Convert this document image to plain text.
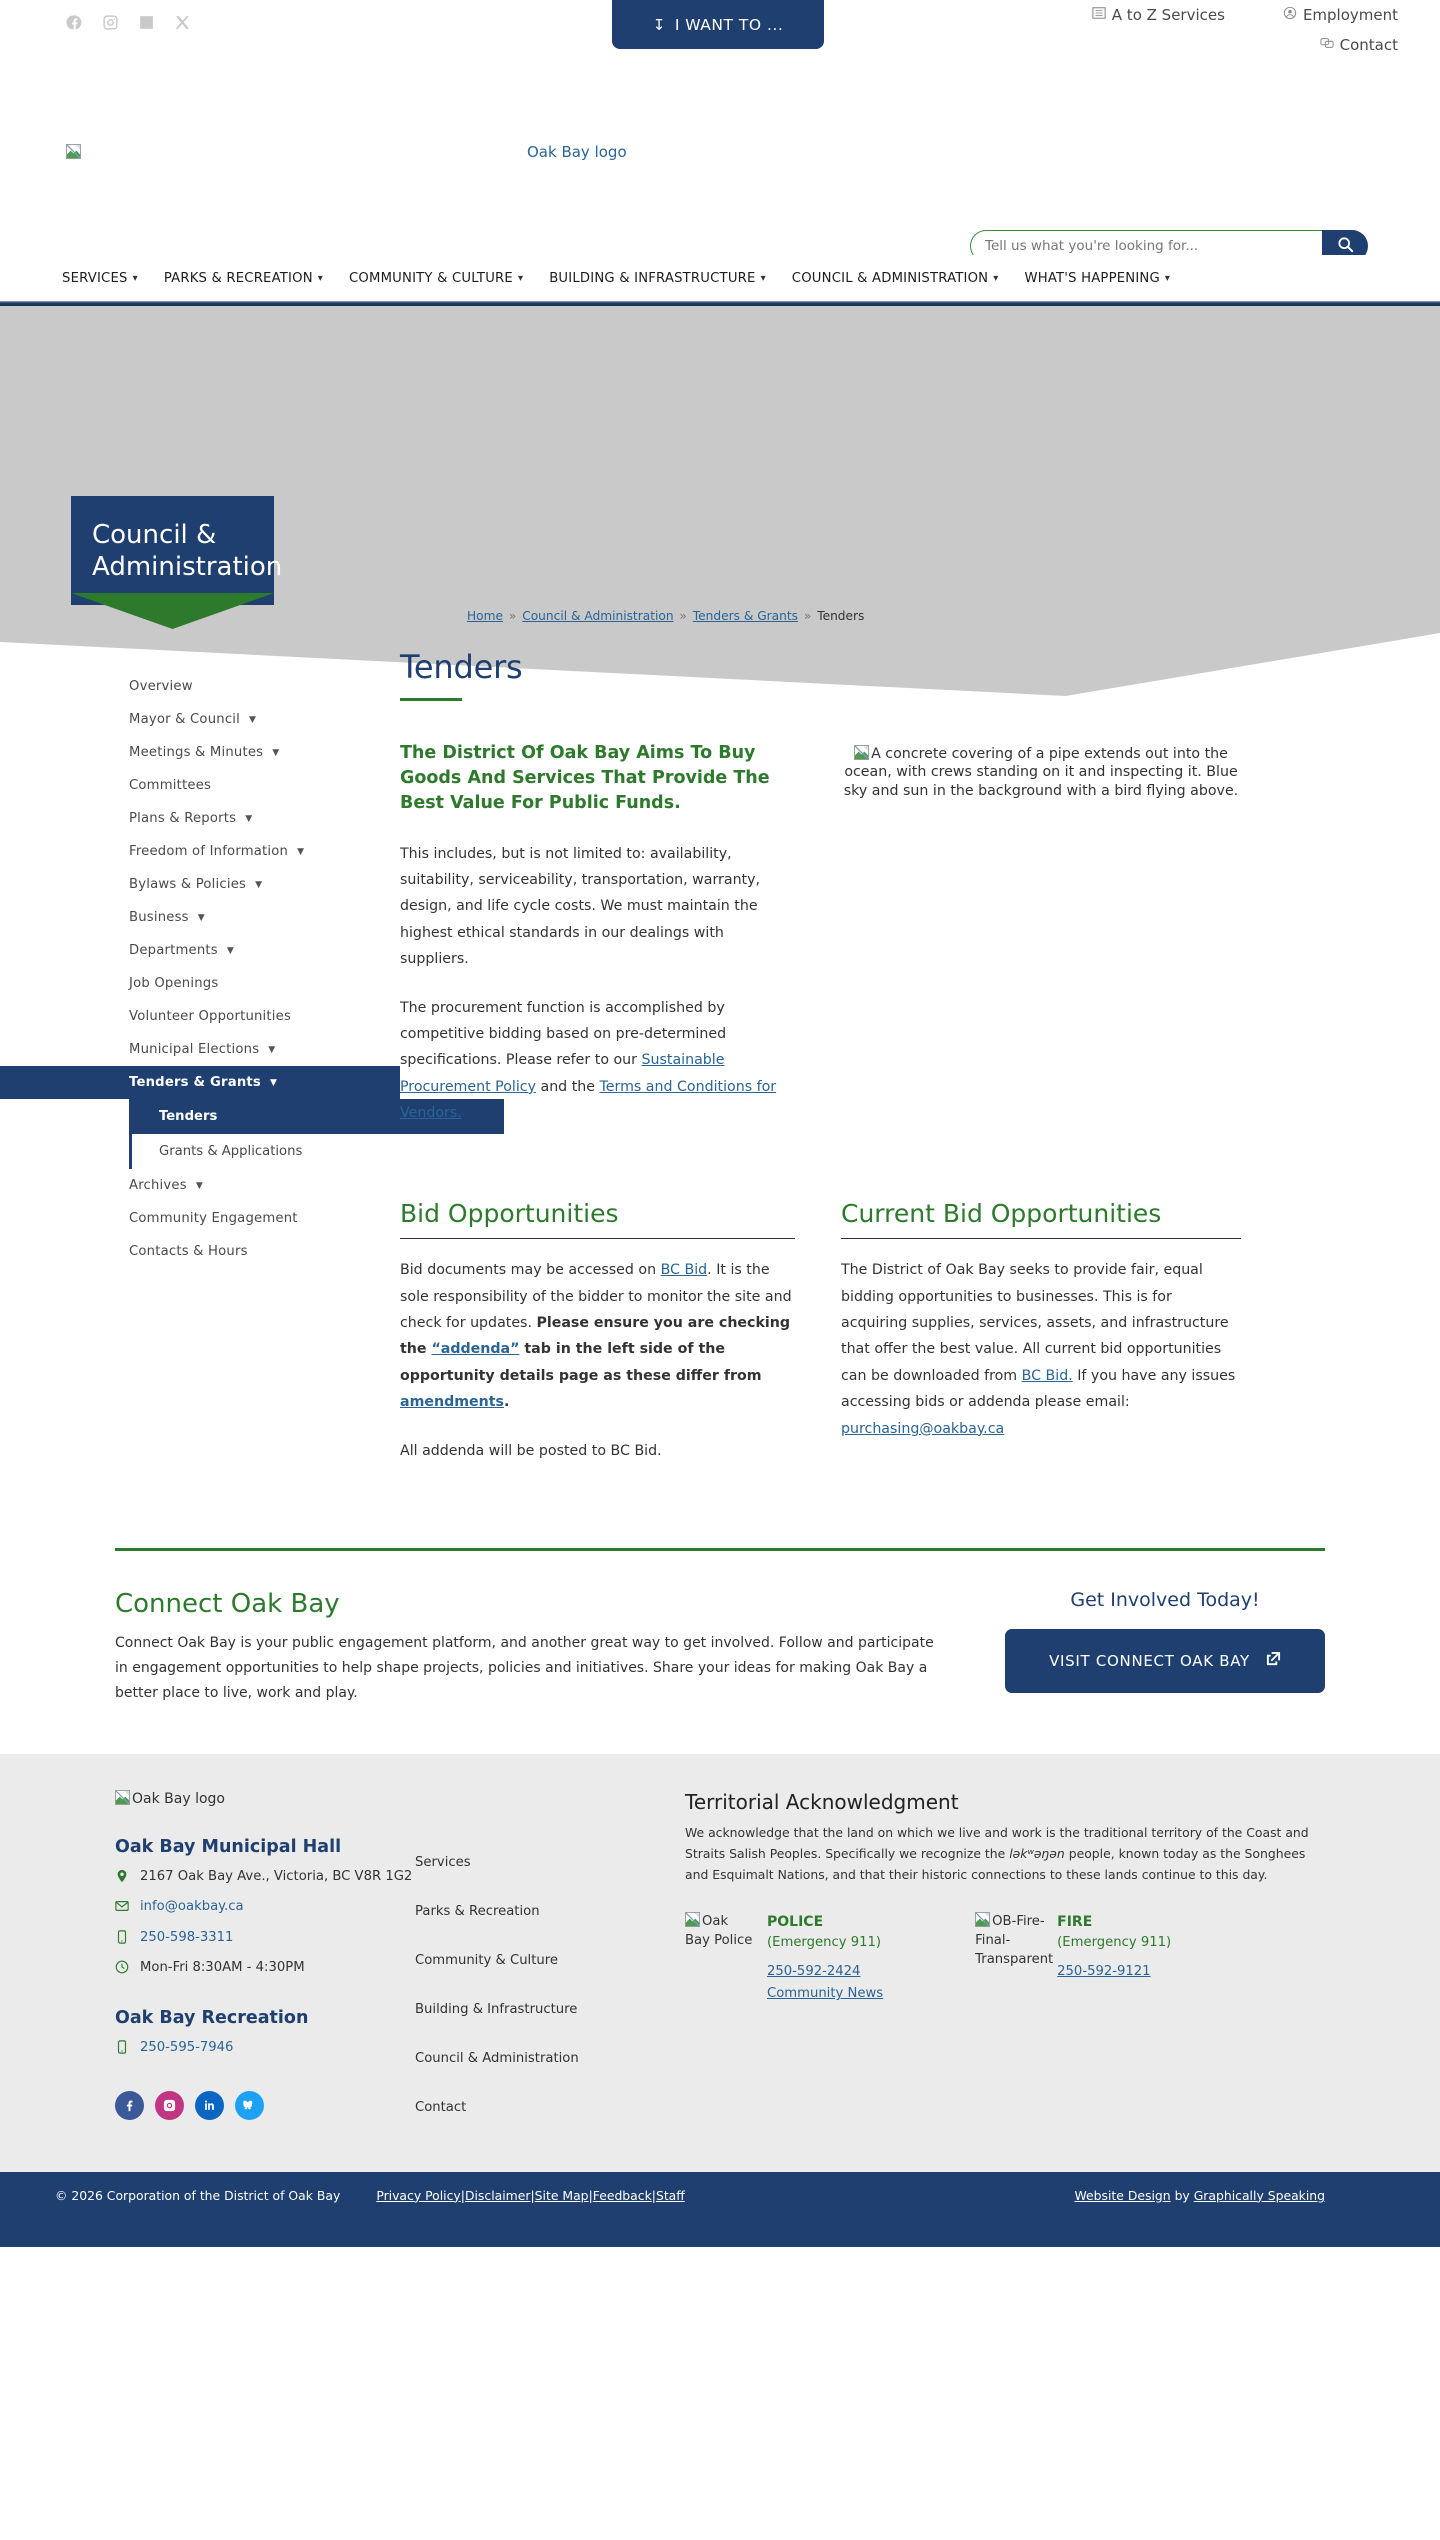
↧ I WANT TO ...
A to Z Services	Employment
Contact
Oak Bay logo
Tell us what you're looking for...
SERVICES ▾ PARKS & RECREATION ▾ COMMUNITY & CULTURE ▾ BUILDING & INFRASTRUCTURE ▾ COUNCIL & ADMINISTRATION ▾ WHAT'S HAPPENING ▾
Council & Administration
Home » Council & Administration » Tenders & Grants » Tenders
Overview
Mayor & Council ▼
Meetings & Minutes ▼
Committees
Plans & Reports ▼
Freedom of Information ▼
Bylaws & Policies ▼
Business ▼
Departments ▼
Job Openings
Volunteer Opportunities
Municipal Elections ▼
Tenders & Grants ▼
Tenders
Grants & Applications
Archives ▼
Community Engagement
Contacts & Hours
Tenders
The District Of Oak Bay Aims To Buy Goods And Services That Provide The Best Value For Public Funds.

This includes, but is not limited to: availability, suitability, serviceability, transportation, warranty, design, and life cycle costs. We must maintain the highest ethical standards in our dealings with suppliers.

The procurement function is accomplished by competitive bidding based on pre-determined specifications. Please refer to our Sustainable Procurement Policy and the Terms and Conditions for Vendors.

A concrete covering of a pipe extends out into the ocean, with crews standing on it and inspecting it. Blue sky and sun in the background with a bird flying above.
Bid Opportunities

Bid documents may be accessed on BC Bid. It is the sole responsibility of the bidder to monitor the site and check for updates. Please ensure you are checking the “addenda” tab in the left side of the opportunity details page as these differ from amendments.

All addenda will be posted to BC Bid.

Current Bid Opportunities

The District of Oak Bay seeks to provide fair, equal bidding opportunities to businesses. This is for acquiring supplies, services, assets, and infrastructure that offer the best value. All current bid opportunities can be downloaded from BC Bid. If you have any issues accessing bids or addenda please email: purchasing@oakbay.ca

Connect Oak Bay

Connect Oak Bay is your public engagement platform, and another great way to get involved. Follow and participate in engagement opportunities to help shape projects, policies and initiatives. Share your ideas for making Oak Bay a better place to live, work and play.

Get Involved Today!
VISIT CONNECT OAK BAY
Oak Bay logo
Oak Bay Municipal Hall
2167 Oak Bay Ave., Victoria, BC V8R 1G2
info@oakbay.ca
250-598-3311
Mon-Fri 8:30AM - 4:30PM
Oak Bay Recreation
250-595-7946
Services
Parks & Recreation
Community & Culture
Building & Infrastructure
Council & Administration
Contact
Territorial Acknowledgment

We acknowledge that the land on which we live and work is the traditional territory of the Coast and Straits Salish Peoples. Specifically we recognize the ləkʷəŋən people, known today as the Songhees and Esquimalt Nations, and that their historic connections to these lands continue to this day.

Oak Bay Police
POLICE
(Emergency 911)
250-592-2424
Community News
OB-Fire-Final-Transparent
FIRE
(Emergency 911)
250-592-9121
© 2026 Corporation of the District of Oak Bay	Privacy Policy|Disclaimer|Site Map|Feedback|Staff	Website Design by Graphically Speaking
